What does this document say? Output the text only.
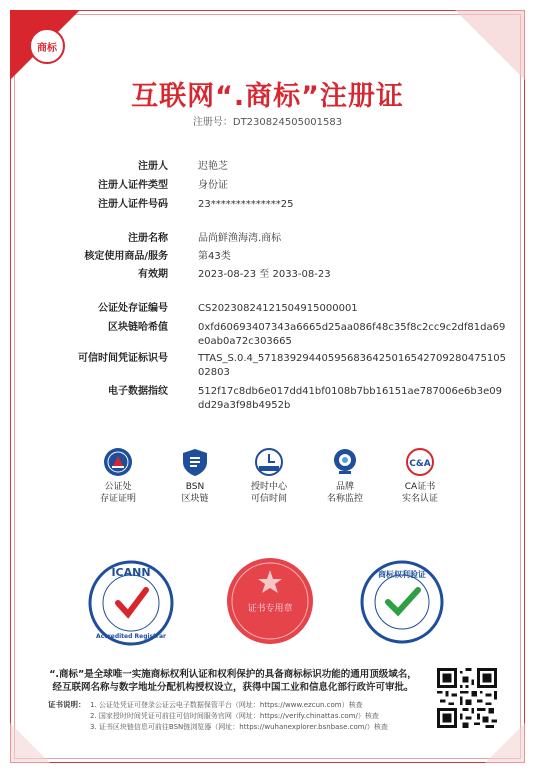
商标
互联网“.商标”注册证
注册号：DT230824505001583
注册人	迟艳芝
注册人证件类型	身份证
注册人证件号码	23**************25
注册名称	品尚鲜渔海湾.商标
核定使用商品/服务	第43类
有效期	2023-08-23 至 2033-08-23
公证处存证编号	CS2023082412150491500000​1
区块链哈希值	0xfd60693407343a6665d25aa086f48c35f8c2cc9c2df81da69e0ab0a72c303665
可信时间凭证标识号	TTAS_S.0.4_571839294405956836425016542709280475​10502803
电子数据指纹	512f17c8db6e017dd41bf0108b7bb16151ae787006e6b3e09dd29a3f98b4952b
公证处
存证证明
BSN
区块链
授时中心
可信时间
品牌
名称监控
C&A
CA证书
实名认证
ICANN
Accredited Registrar
证书专用章
商标权利验证
“.商标”是全球唯一实施商标权利认证和权利保护的具备商标标识功能的通用顶级域名，经互联网名称与数字地址分配机构授权设立，获得中国工业和信息化部行政许可审批。
证书说明： 1. 公证处凭证可登录公证云电子数据保管平台（网址：https://www.ezcun.com）核查
2. 国家授时时间凭证可前往可信时间服务官网（网址：https://verify.chinattas.com/）核查
3. 证书区块链信息可前往BSN链浏览器（网址：https://wuhanexplorer.bsnbase.com/）核查
